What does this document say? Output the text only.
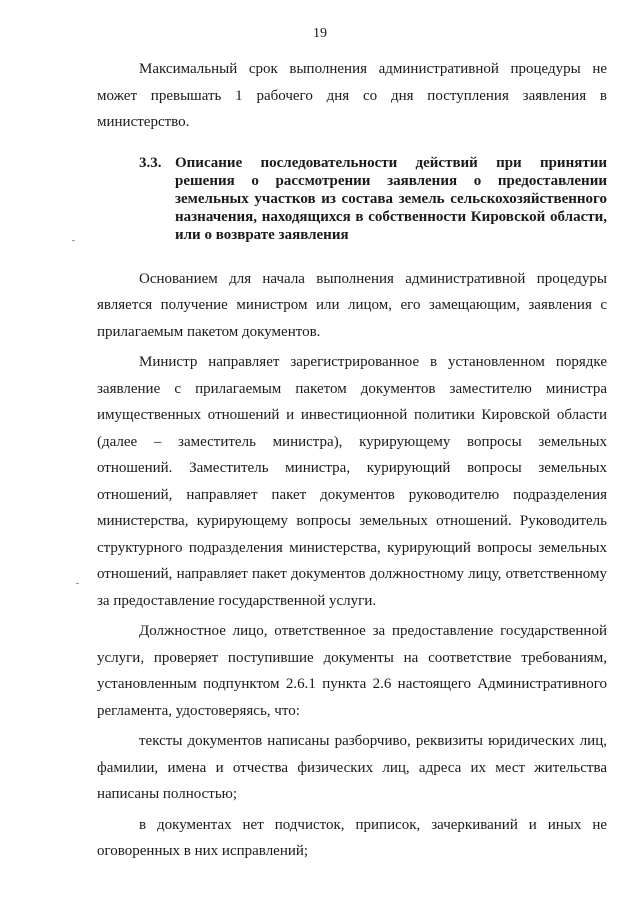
19

Максимальный срок выполнения административной процедуры не может превышать 1 рабочего дня со дня поступления заявления в министерство.

3.3. Описание последовательности действий при принятии решения о рассмотрении заявления о предоставлении земельных участков из состава земель сельскохозяйственного назначения, находящихся в собственности Кировской области, или о возврате заявления

Основанием для начала выполнения административной процедуры является получение министром или лицом, его замещающим, заявления с прилагаемым пакетом документов.

Министр направляет зарегистрированное в установленном порядке заявление с прилагаемым пакетом документов заместителю министра имущественных отношений и инвестиционной политики Кировской области (далее – заместитель министра), курирующему вопросы земельных отношений. Заместитель министра, курирующий вопросы земельных отношений, направляет пакет документов руководителю подразделения министерства, курирующему вопросы земельных отношений. Руководитель структурного подразделения министерства, курирующий вопросы земельных отношений, направляет пакет документов должностному лицу, ответственному за предоставление государственной услуги.

Должностное лицо, ответственное за предоставление государственной услуги, проверяет поступившие документы на соответствие требованиям, установленным подпунктом 2.6.1 пункта 2.6 настоящего Административного регламента, удостоверяясь, что:

тексты документов написаны разборчиво, реквизиты юридических лиц, фамилии, имена и отчества физических лиц, адреса их мест жительства написаны полностью;

в документах нет подчисток, приписок, зачеркиваний и иных не оговоренных в них исправлений;
